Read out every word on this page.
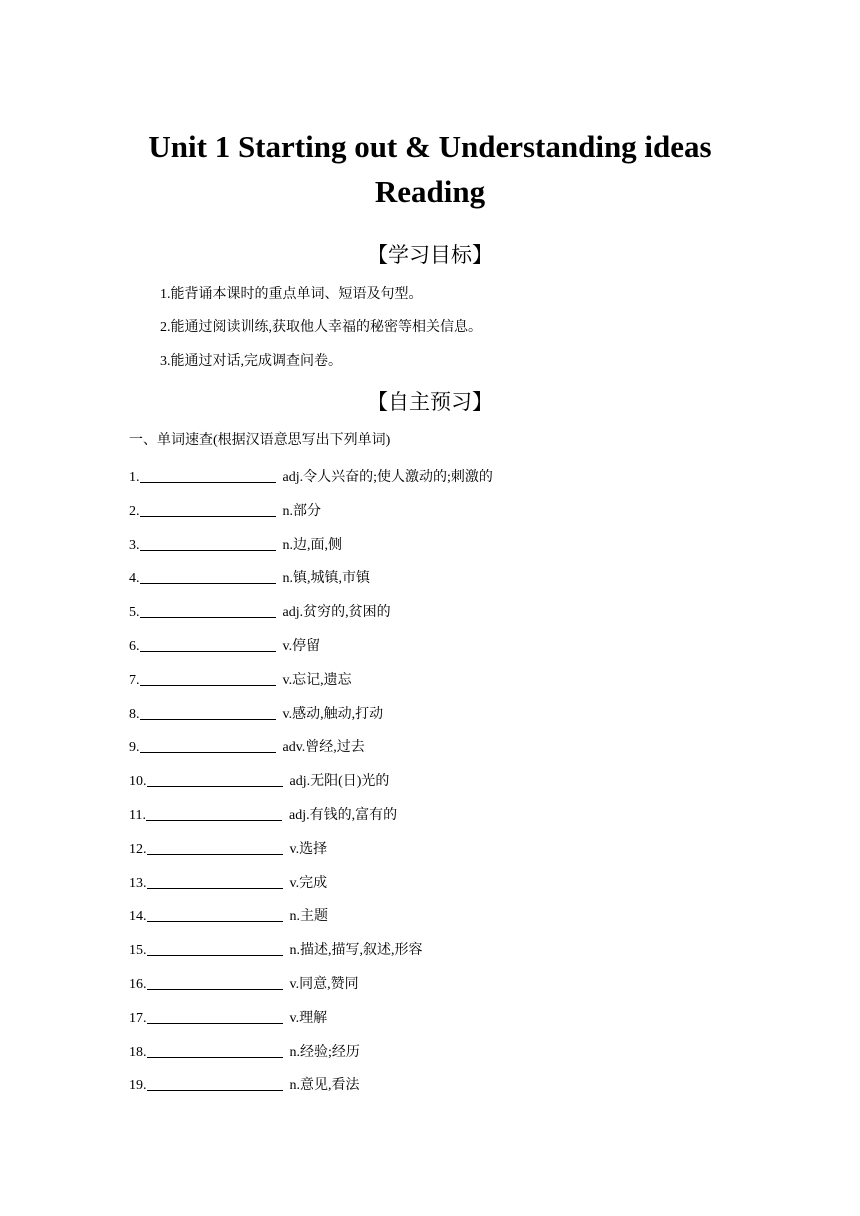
Unit 1 Starting out & Understanding ideas
Reading
【学习目标】
1.能背诵本课时的重点单词、短语及句型。
2.能通过阅读训练,获取他人幸福的秘密等相关信息。
3.能通过对话,完成调查问卷。
【自主预习】
一、单词速查(根据汉语意思写出下列单词)
1.	adj.令人兴奋的;使人激动的;刺激的
2.	n.部分
3.	n.边,面,侧
4.	n.镇,城镇,市镇
5.	adj.贫穷的,贫困的
6.	v.停留
7.	v.忘记,遗忘
8.	v.感动,触动,打动
9.	adv.曾经,过去
10.	adj.无阳(日)光的
11.	adj.有钱的,富有的
12.	v.选择
13.	v.完成
14.	n.主题
15.	n.描述,描写,叙述,形容
16.	v.同意,赞同
17.	v.理解
18.	n.经验;经历
19.	n.意见,看法
